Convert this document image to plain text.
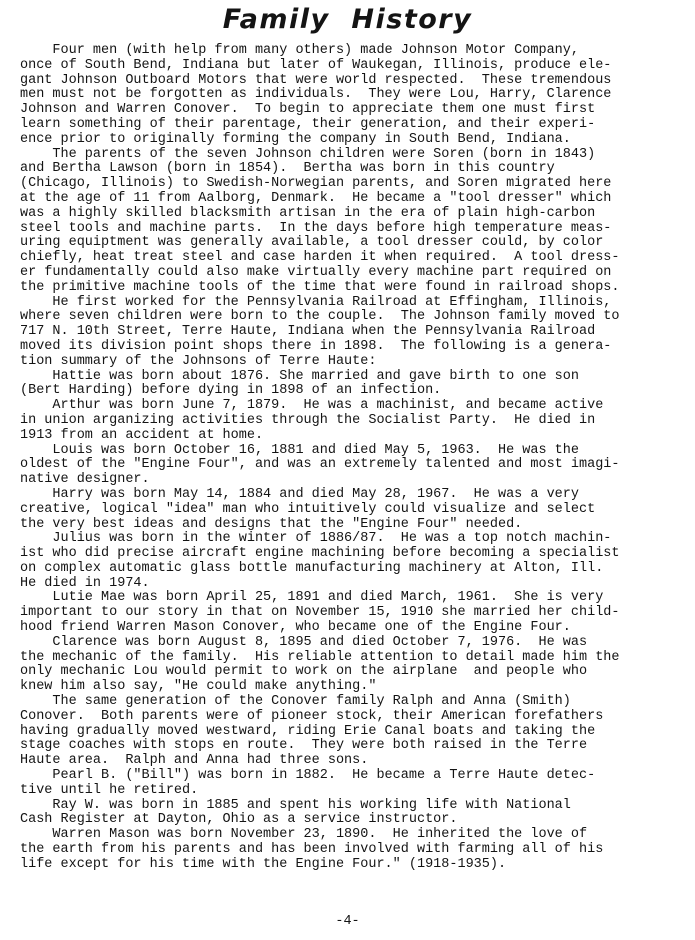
Family  History
Four men (with help from many others) made Johnson Motor Company,
once of South Bend, Indiana but later of Waukegan, Illinois, produce ele-
gant Johnson Outboard Motors that were world respected.  These tremendous
men must not be forgotten as individuals.  They were Lou, Harry, Clarence
Johnson and Warren Conover.  To begin to appreciate them one must first
learn something of their parentage, their generation, and their experi-
ence prior to originally forming the company in South Bend, Indiana.
The parents of the seven Johnson children were Soren (born in 1843)
and Bertha Lawson (born in 1854).  Bertha was born in this country
(Chicago, Illinois) to Swedish-Norwegian parents, and Soren migrated here
at the age of 11 from Aalborg, Denmark.  He became a "tool dresser" which
was a highly skilled blacksmith artisan in the era of plain high-carbon
steel tools and machine parts.  In the days before high temperature meas-
uring equiptment was generally available, a tool dresser could, by color
chiefly, heat treat steel and case harden it when required.  A tool dress-
er fundamentally could also make virtually every machine part required on
the primitive machine tools of the time that were found in railroad shops.
He first worked for the Pennsylvania Railroad at Effingham, Illinois,
where seven children were born to the couple.  The Johnson family moved to
717 N. 10th Street, Terre Haute, Indiana when the Pennsylvania Railroad
moved its division point shops there in 1898.  The following is a genera-
tion summary of the Johnsons of Terre Haute:
Hattie was born about 1876. She married and gave birth to one son
(Bert Harding) before dying in 1898 of an infection.
Arthur was born June 7, 1879.  He was a machinist, and became active
in union arganizing activities through the Socialist Party.  He died in
1913 from an accident at home.
Louis was born October 16, 1881 and died May 5, 1963.  He was the
oldest of the "Engine Four", and was an extremely talented and most imagi-
native designer.
Harry was born May 14, 1884 and died May 28, 1967.  He was a very
creative, logical "idea" man who intuitively could visualize and select
the very best ideas and designs that the "Engine Four" needed.
Julius was born in the winter of 1886/87.  He was a top notch machin-
ist who did precise aircraft engine machining before becoming a specialist
on complex automatic glass bottle manufacturing machinery at Alton, Ill.
He died in 1974.
Lutie Mae was born April 25, 1891 and died March, 1961.  She is very
important to our story in that on November 15, 1910 she married her child-
hood friend Warren Mason Conover, who became one of the Engine Four.
Clarence was born August 8, 1895 and died October 7, 1976.  He was
the mechanic of the family.  His reliable attention to detail made him the
only mechanic Lou would permit to work on the airplane  and people who
knew him also say, "He could make anything."
The same generation of the Conover family Ralph and Anna (Smith)
Conover.  Both parents were of pioneer stock, their American forefathers
having gradually moved westward, riding Erie Canal boats and taking the
stage coaches with stops en route.  They were both raised in the Terre
Haute area.  Ralph and Anna had three sons.
Pearl B. ("Bill") was born in 1882.  He became a Terre Haute detec-
tive until he retired.
Ray W. was born in 1885 and spent his working life with National
Cash Register at Dayton, Ohio as a service instructor.
Warren Mason was born November 23, 1890.  He inherited the love of
the earth from his parents and has been involved with farming all of his
life except for his time with the Engine Four." (1918-1935).
-4-
